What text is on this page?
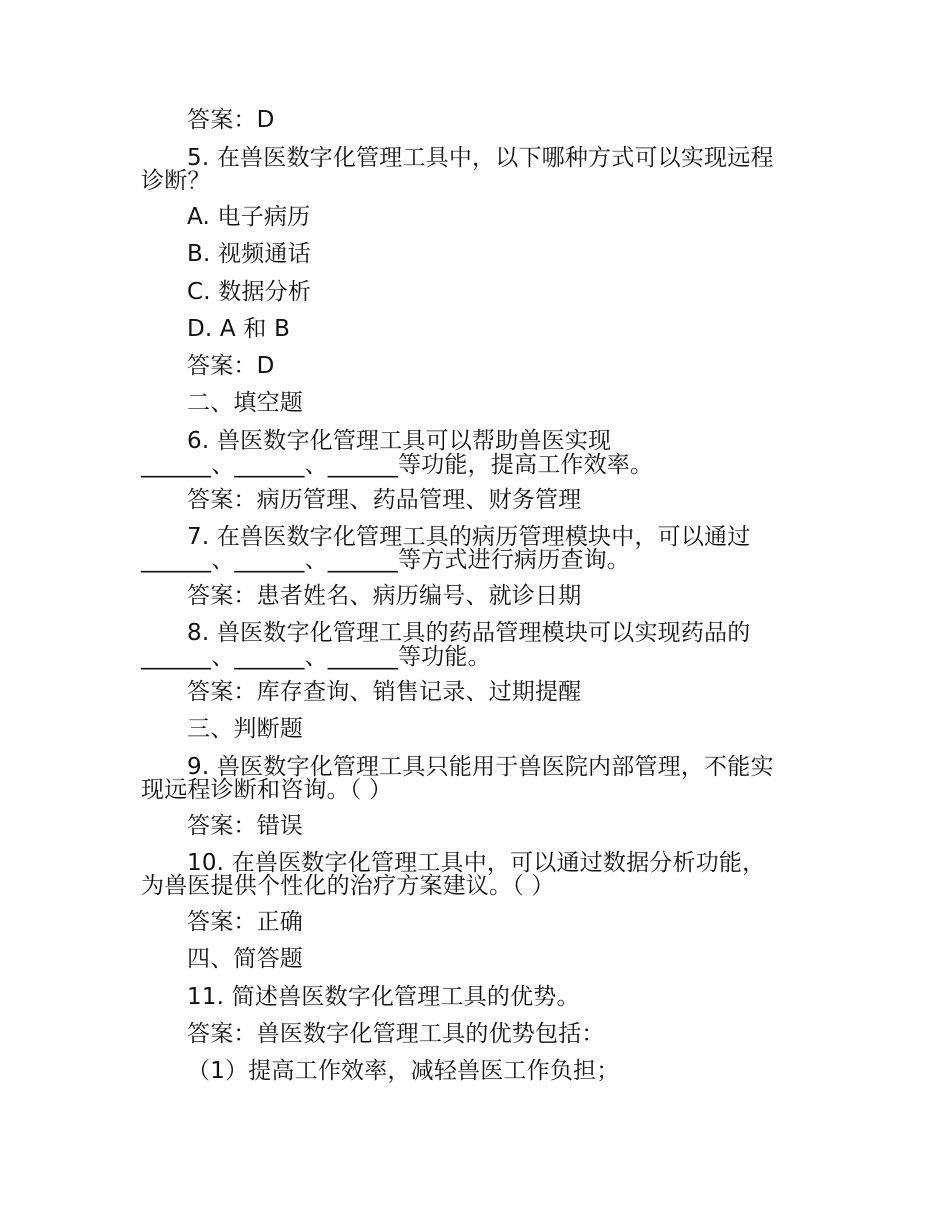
答案：D
5. 在兽医数字化管理工具中，以下哪种方式可以实现远程
诊断？
A. 电子病历
B. 视频通话
C. 数据分析
D. A 和 B
答案：D
二、填空题
6. 兽医数字化管理工具可以帮助兽医实现
______、______、______等功能，提高工作效率。
答案：病历管理、药品管理、财务管理
7. 在兽医数字化管理工具的病历管理模块中，可以通过
______、______、______等方式进行病历查询。
答案：患者姓名、病历编号、就诊日期
8. 兽医数字化管理工具的药品管理模块可以实现药品的
______、______、______等功能。
答案：库存查询、销售记录、过期提醒
三、判断题
9. 兽医数字化管理工具只能用于兽医院内部管理，不能实
现远程诊断和咨询。（ ）
答案：错误
10. 在兽医数字化管理工具中，可以通过数据分析功能，
为兽医提供个性化的治疗方案建议。（ ）
答案：正确
四、简答题
11. 简述兽医数字化管理工具的优势。
答案：兽医数字化管理工具的优势包括：
（1）提高工作效率，减轻兽医工作负担；
